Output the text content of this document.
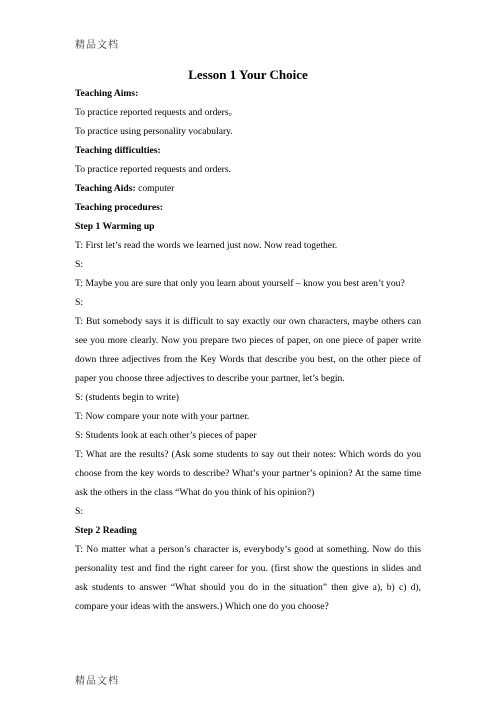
精品文档

Lesson 1 Your Choice

Teaching Aims:

To practice reported requests and orders。

To practice using personality vocabulary.

Teaching difficulties:

To practice reported requests and orders.

Teaching Aids: computer

Teaching procedures:

Step 1 Warming up

T: First let’s read the words we learned just now. Now read together.

S:

T: Maybe you are sure that only you learn about yourself – know you best aren’t you?

S:

T: But somebody says it is difficult to say exactly our own characters, maybe others can see you more clearly. Now you prepare two pieces of paper, on one piece of paper write down three adjectives from the Key Words that describe you best, on the other piece of paper you choose three adjectives to describe your partner, let’s begin.

S: (students begin to write)

T: Now compare your note with your partner.

S: Students look at each other’s pieces of paper

T: What are the results? (Ask some students to say out their notes: Which words do you choose from the key words to describe? What’s your partner’s opinion? At the same time ask the others in the class “What do you think of his opinion?)

S:

Step 2 Reading

T: No matter what a person’s character is, everybody’s good at something. Now do this personality test and find the right career for you. (first show the questions in slides and ask students to answer “What should you do in the situation” then give a), b) c) d), compare your ideas with the answers.) Which one do you choose?

精品文档
